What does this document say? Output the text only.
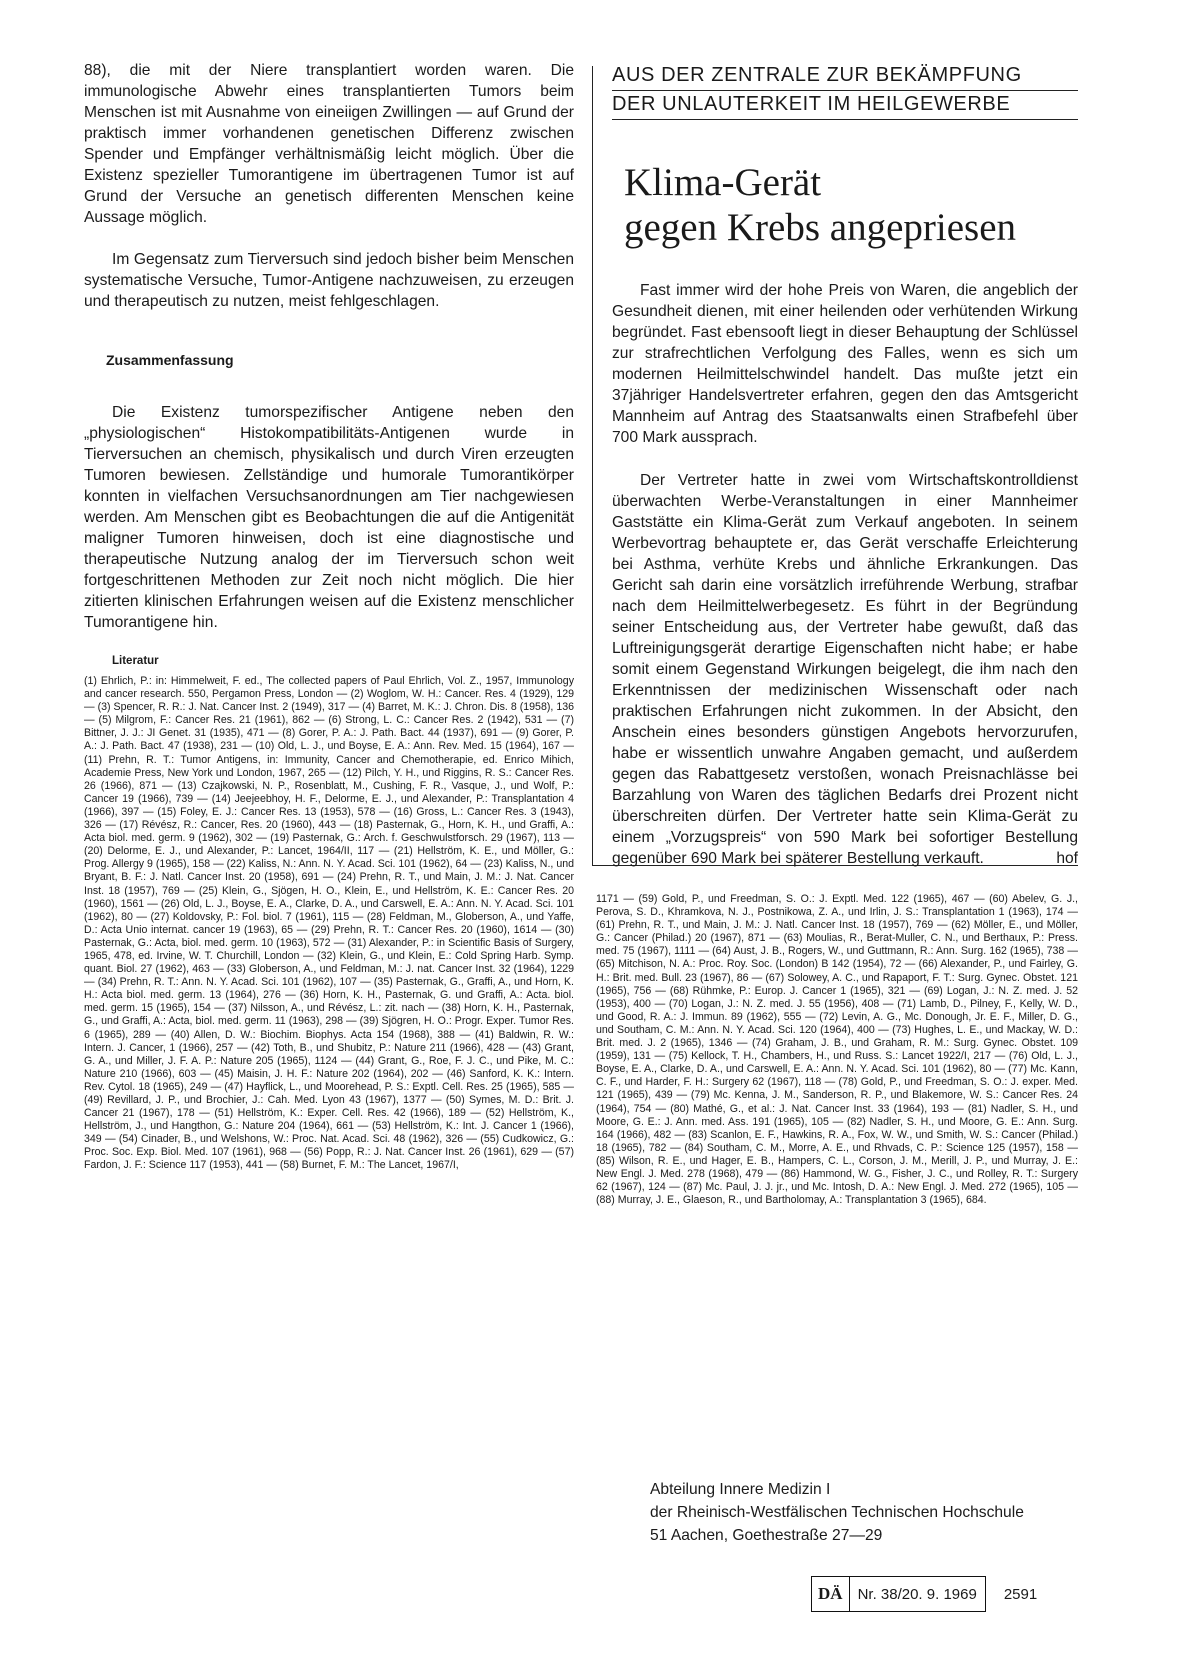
88), die mit der Niere transplantiert worden waren. Die immunologische Abwehr eines transplantierten Tumors beim Menschen ist mit Ausnahme von eineiigen Zwillingen — auf Grund der praktisch immer vorhandenen genetischen Differenz zwischen Spender und Empfänger verhältnismäßig leicht möglich. Über die Existenz spezieller Tumorantigene im übertragenen Tumor ist auf Grund der Versuche an genetisch differenten Menschen keine Aussage möglich.

Im Gegensatz zum Tierversuch sind jedoch bisher beim Menschen systematische Versuche, Tumor-Antigene nachzuweisen, zu erzeugen und therapeutisch zu nutzen, meist fehlgeschlagen.

Zusammenfassung

Die Existenz tumorspezifischer Antigene neben den „physiologischen“ Histokompatibilitäts-Antigenen wurde in Tierversuchen an chemisch, physikalisch und durch Viren erzeugten Tumoren bewiesen. Zellständige und humorale Tumorantikörper konnten in vielfachen Versuchsanordnungen am Tier nachgewiesen werden. Am Menschen gibt es Beobachtungen die auf die Antigenität maligner Tumoren hinweisen, doch ist eine diagnostische und therapeutische Nutzung analog der im Tierversuch schon weit fortgeschrittenen Methoden zur Zeit noch nicht möglich. Die hier zitierten klinischen Erfahrungen weisen auf die Existenz menschlicher Tumorantigene hin.

Literatur

(1) Ehrlich, P.: in: Himmelweit, F. ed., The collected papers of Paul Ehrlich, Vol. Z., 1957, Immunology and cancer research. 550, Pergamon Press, London — (2) Woglom, W. H.: Cancer. Res. 4 (1929), 129 — (3) Spencer, R. R.: J. Nat. Cancer Inst. 2 (1949), 317 — (4) Barret, M. K.: J. Chron. Dis. 8 (1958), 136 — (5) Milgrom, F.: Cancer Res. 21 (1961), 862 — (6) Strong, L. C.: Cancer Res. 2 (1942), 531 — (7) Bittner, J. J.: JI Genet. 31 (1935), 471 — (8) Gorer, P. A.: J. Path. Bact. 44 (1937), 691 — (9) Gorer, P. A.: J. Path. Bact. 47 (1938), 231 — (10) Old, L. J., und Boyse, E. A.: Ann. Rev. Med. 15 (1964), 167 — (11) Prehn, R. T.: Tumor Antigens, in: Immunity, Cancer and Chemotherapie, ed. Enrico Mihich, Academie Press, New York und London, 1967, 265 — (12) Pilch, Y. H., und Riggins, R. S.: Cancer Res. 26 (1966), 871 — (13) Czajkowski, N. P., Rosenblatt, M., Cushing, F. R., Vasque, J., und Wolf, P.: Cancer 19 (1966), 739 — (14) Jeejeebhoy, H. F., Delorme, E. J., und Alexander, P.: Transplantation 4 (1966), 397 — (15) Foley, E. J.: Cancer Res. 13 (1953), 578 — (16) Gross, L.: Cancer Res. 3 (1943), 326 — (17) Révész, R.: Cancer, Res. 20 (1960), 443 — (18) Pasternak, G., Horn, K. H., und Graffi, A.: Acta biol. med. germ. 9 (1962), 302 — (19) Pasternak, G.: Arch. f. Geschwulstforsch. 29 (1967), 113 — (20) Delorme, E. J., und Alexander, P.: Lancet, 1964/II, 117 — (21) Hellström, K. E., und Möller, G.: Prog. Allergy 9 (1965), 158 — (22) Kaliss, N.: Ann. N. Y. Acad. Sci. 101 (1962), 64 — (23) Kaliss, N., und Bryant, B. F.: J. Natl. Cancer Inst. 20 (1958), 691 — (24) Prehn, R. T., und Main, J. M.: J. Nat. Cancer Inst. 18 (1957), 769 — (25) Klein, G., Sjögen, H. O., Klein, E., und Hellström, K. E.: Cancer Res. 20 (1960), 1561 — (26) Old, L. J., Boyse, E. A., Clarke, D. A., und Carswell, E. A.: Ann. N. Y. Acad. Sci. 101 (1962), 80 — (27) Koldovsky, P.: Fol. biol. 7 (1961), 115 — (28) Feldman, M., Globerson, A., und Yaffe, D.: Acta Unio internat. cancer 19 (1963), 65 — (29) Prehn, R. T.: Cancer Res. 20 (1960), 1614 — (30) Pasternak, G.: Acta, biol. med. germ. 10 (1963), 572 — (31) Alexander, P.: in Scientific Basis of Surgery, 1965, 478, ed. Irvine, W. T. Churchill, London — (32) Klein, G., und Klein, E.: Cold Spring Harb. Symp. quant. Biol. 27 (1962), 463 — (33) Globerson, A., und Feldman, M.: J. nat. Cancer Inst. 32 (1964), 1229 — (34) Prehn, R. T.: Ann. N. Y. Acad. Sci. 101 (1962), 107 — (35) Pasternak, G., Graffi, A., und Horn, K. H.: Acta biol. med. germ. 13 (1964), 276 — (36) Horn, K. H., Pasternak, G. und Graffi, A.: Acta. biol. med. germ. 15 (1965), 154 — (37) Nilsson, A., und Révész, L.: zit. nach — (38) Horn, K. H., Pasternak, G., und Graffi, A.: Acta, biol. med. germ. 11 (1963), 298 — (39) Sjögren, H. O.: Progr. Exper. Tumor Res. 6 (1965), 289 — (40) Allen, D. W.: Biochim. Biophys. Acta 154 (1968), 388 — (41) Baldwin, R. W.: Intern. J. Cancer, 1 (1966), 257 — (42) Toth, B., und Shubitz, P.: Nature 211 (1966), 428 — (43) Grant, G. A., und Miller, J. F. A. P.: Nature 205 (1965), 1124 — (44) Grant, G., Roe, F. J. C., und Pike, M. C.: Nature 210 (1966), 603 — (45) Maisin, J. H. F.: Nature 202 (1964), 202 — (46) Sanford, K. K.: Intern. Rev. Cytol. 18 (1965), 249 — (47) Hayflick, L., und Moorehead, P. S.: Exptl. Cell. Res. 25 (1965), 585 — (49) Revillard, J. P., und Brochier, J.: Cah. Med. Lyon 43 (1967), 1377 — (50) Symes, M. D.: Brit. J. Cancer 21 (1967), 178 — (51) Hellström, K.: Exper. Cell. Res. 42 (1966), 189 — (52) Hellström, K., Hellström, J., und Hangthon, G.: Nature 204 (1964), 661 — (53) Hellström, K.: Int. J. Cancer 1 (1966), 349 — (54) Cinader, B., und Welshons, W.: Proc. Nat. Acad. Sci. 48 (1962), 326 — (55) Cudkowicz, G.: Proc. Soc. Exp. Biol. Med. 107 (1961), 968 — (56) Popp, R.: J. Nat. Cancer Inst. 26 (1961), 629 — (57) Fardon, J. F.: Science 117 (1953), 441 — (58) Burnet, F. M.: The Lancet, 1967/I,

AUS DER ZENTRALE ZUR BEKÄMPFUNG
DER UNLAUTERKEIT IM HEILGEWERBE
Klima-Gerät
gegen Krebs angepriesen

Fast immer wird der hohe Preis von Waren, die angeblich der Gesundheit dienen, mit einer heilenden oder verhütenden Wirkung begründet. Fast ebensooft liegt in dieser Behauptung der Schlüssel zur strafrechtlichen Verfolgung des Falles, wenn es sich um modernen Heilmittelschwindel handelt. Das mußte jetzt ein 37jähriger Handelsvertreter erfahren, gegen den das Amtsgericht Mannheim auf Antrag des Staatsanwalts einen Strafbefehl über 700 Mark aussprach.

Der Vertreter hatte in zwei vom Wirtschaftskontrolldienst überwachten Werbe-Veranstaltungen in einer Mannheimer Gaststätte ein Klima-Gerät zum Verkauf angeboten. In seinem Werbevortrag behauptete er, das Gerät verschaffe Erleichterung bei Asthma, verhüte Krebs und ähnliche Erkrankungen. Das Gericht sah darin eine vorsätzlich irreführende Werbung, strafbar nach dem Heilmittelwerbegesetz. Es führt in der Begründung seiner Entscheidung aus, der Vertreter habe gewußt, daß das Luftreinigungsgerät derartige Eigenschaften nicht habe; er habe somit einem Gegenstand Wirkungen beigelegt, die ihm nach den Erkenntnissen der medizinischen Wissenschaft oder nach praktischen Erfahrungen nicht zukommen. In der Absicht, den Anschein eines besonders günstigen Angebots hervorzurufen, habe er wissentlich unwahre Angaben gemacht, und außerdem gegen das Rabattgesetz verstoßen, wonach Preisnachlässe bei Barzahlung von Waren des täglichen Bedarfs drei Prozent nicht überschreiten dürfen. Der Vertreter hatte sein Klima-Gerät zu einem „Vorzugspreis“ von 590 Mark bei sofortiger Bestellung gegenüber 690 Mark bei späterer Bestellung verkauft.	hof

1171 — (59) Gold, P., und Freedman, S. O.: J. Exptl. Med. 122 (1965), 467 — (60) Abelev, G. J., Perova, S. D., Khramkova, N. J., Postnikowa, Z. A., und Irlin, J. S.: Transplantation 1 (1963), 174 — (61) Prehn, R. T., und Main, J. M.: J. Natl. Cancer Inst. 18 (1957), 769 — (62) Möller, E., und Möller, G.: Cancer (Philad.) 20 (1967), 871 — (63) Moulias, R., Berat-Muller, C. N., und Berthaux, P.: Press. med. 75 (1967), 1111 — (64) Aust, J. B., Rogers, W., und Guttmann, R.: Ann. Surg. 162 (1965), 738 — (65) Mitchison, N. A.: Proc. Roy. Soc. (London) B 142 (1954), 72 — (66) Alexander, P., und Fairley, G. H.: Brit. med. Bull. 23 (1967), 86 — (67) Solowey, A. C., und Rapaport, F. T.: Surg. Gynec. Obstet. 121 (1965), 756 — (68) Rühmke, P.: Europ. J. Cancer 1 (1965), 321 — (69) Logan, J.: N. Z. med. J. 52 (1953), 400 — (70) Logan, J.: N. Z. med. J. 55 (1956), 408 — (71) Lamb, D., Pilney, F., Kelly, W. D., und Good, R. A.: J. Immun. 89 (1962), 555 — (72) Levin, A. G., Mc. Donough, Jr. E. F., Miller, D. G., und Southam, C. M.: Ann. N. Y. Acad. Sci. 120 (1964), 400 — (73) Hughes, L. E., und Mackay, W. D.: Brit. med. J. 2 (1965), 1346 — (74) Graham, J. B., und Graham, R. M.: Surg. Gynec. Obstet. 109 (1959), 131 — (75) Kellock, T. H., Chambers, H., und Russ. S.: Lancet 1922/I, 217 — (76) Old, L. J., Boyse, E. A., Clarke, D. A., und Carswell, E. A.: Ann. N. Y. Acad. Sci. 101 (1962), 80 — (77) Mc. Kann, C. F., und Harder, F. H.: Surgery 62 (1967), 118 — (78) Gold, P., und Freedman, S. O.: J. exper. Med. 121 (1965), 439 — (79) Mc. Kenna, J. M., Sanderson, R. P., und Blakemore, W. S.: Cancer Res. 24 (1964), 754 — (80) Mathé, G., et al.: J. Nat. Cancer Inst. 33 (1964), 193 — (81) Nadler, S. H., und Moore, G. E.: J. Ann. med. Ass. 191 (1965), 105 — (82) Nadler, S. H., und Moore, G. E.: Ann. Surg. 164 (1966), 482 — (83) Scanlon, E. F., Hawkins, R. A., Fox, W. W., und Smith, W. S.: Cancer (Philad.) 18 (1965), 782 — (84) Southam, C. M., Morre, A. E., und Rhvads, C. P.: Science 125 (1957), 158 — (85) Wilson, R. E., und Hager, E. B., Hampers, C. L., Corson, J. M., Merill, J. P., und Murray, J. E.: New Engl. J. Med. 278 (1968), 479 — (86) Hammond, W. G., Fisher, J. C., und Rolley, R. T.: Surgery 62 (1967), 124 — (87) Mc. Paul, J. J. jr., und Mc. Intosh, D. A.: New Engl. J. Med. 272 (1965), 105 — (88) Murray, J. E., Glaeson, R., und Bartholomay, A.: Transplantation 3 (1965), 684.

Abteilung Innere Medizin I
der Rheinisch-Westfälischen Technischen Hochschule
51 Aachen, Goethestraße 27—29
DÄ	Nr. 38/20. 9. 1969	2591
